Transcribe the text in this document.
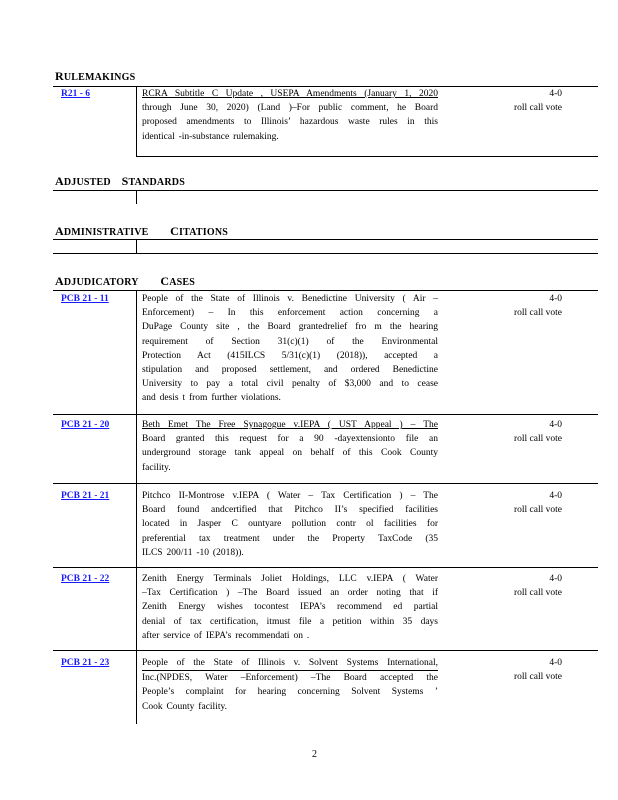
RULEMAKINGS
R21 - 6	RCRA Subtitle C Update , USEPA Amendments (January 1, 2020
through June 30, 2020) (Land )–For public comment, he Board
proposed amendments to Illinois’ hazardous waste rules in this
identical -in-substance rulemaking.
4-0
roll call vote
ADJUSTED STANDARDS
ADMINISTRATIVE CITATIONS
ADJUDICATORY CASES
PCB 21 - 11	People of the State of Illinois v. Benedictine University ( Air –
Enforcement) – In this enforcement action concerning a
DuPage County site , the Board grantedrelief fro m the hearing
requirement of Section 31(c)(1) of the Environmental
Protection Act (415ILCS 5/31(c)(1) (2018)), accepted a
stipulation and proposed settlement, and ordered Benedictine
University to pay a total civil penalty of $3,000 and to cease
and desis t from further violations.
4-0
roll call vote
PCB 21 - 20	Beth Emet The Free Synagogue v.IEPA ( UST Appeal ) – The
Board granted this request for a 90 -dayextensionto file an
underground storage tank appeal on behalf of this Cook County
facility.
4-0
roll call vote
PCB 21 - 21	Pitchco II-Montrose v.IEPA ( Water – Tax Certification ) – The
Board found andcertified that Pitchco II’s specified facilities
located in Jasper C ountyare pollution contr ol facilities for
preferential tax treatment under the Property TaxCode (35
ILCS 200/11 -10 (2018)).
4-0
roll call vote
PCB 21 - 22	Zenith Energy Terminals Joliet Holdings, LLC v.IEPA ( Water
–Tax Certification ) –The Board issued an order noting that if
Zenith Energy wishes tocontest IEPA’s recommend ed partial
denial of tax certification, itmust file a petition within 35 days
after service of IEPA’s recommendati on .
4-0
roll call vote
PCB 21 - 23	People of the State of Illinois v. Solvent Systems International,
Inc.(NPDES, Water –Enforcement) –The Board accepted the
People’s complaint for hearing concerning Solvent Systems ’
Cook County facility.
4-0
roll call vote
2
